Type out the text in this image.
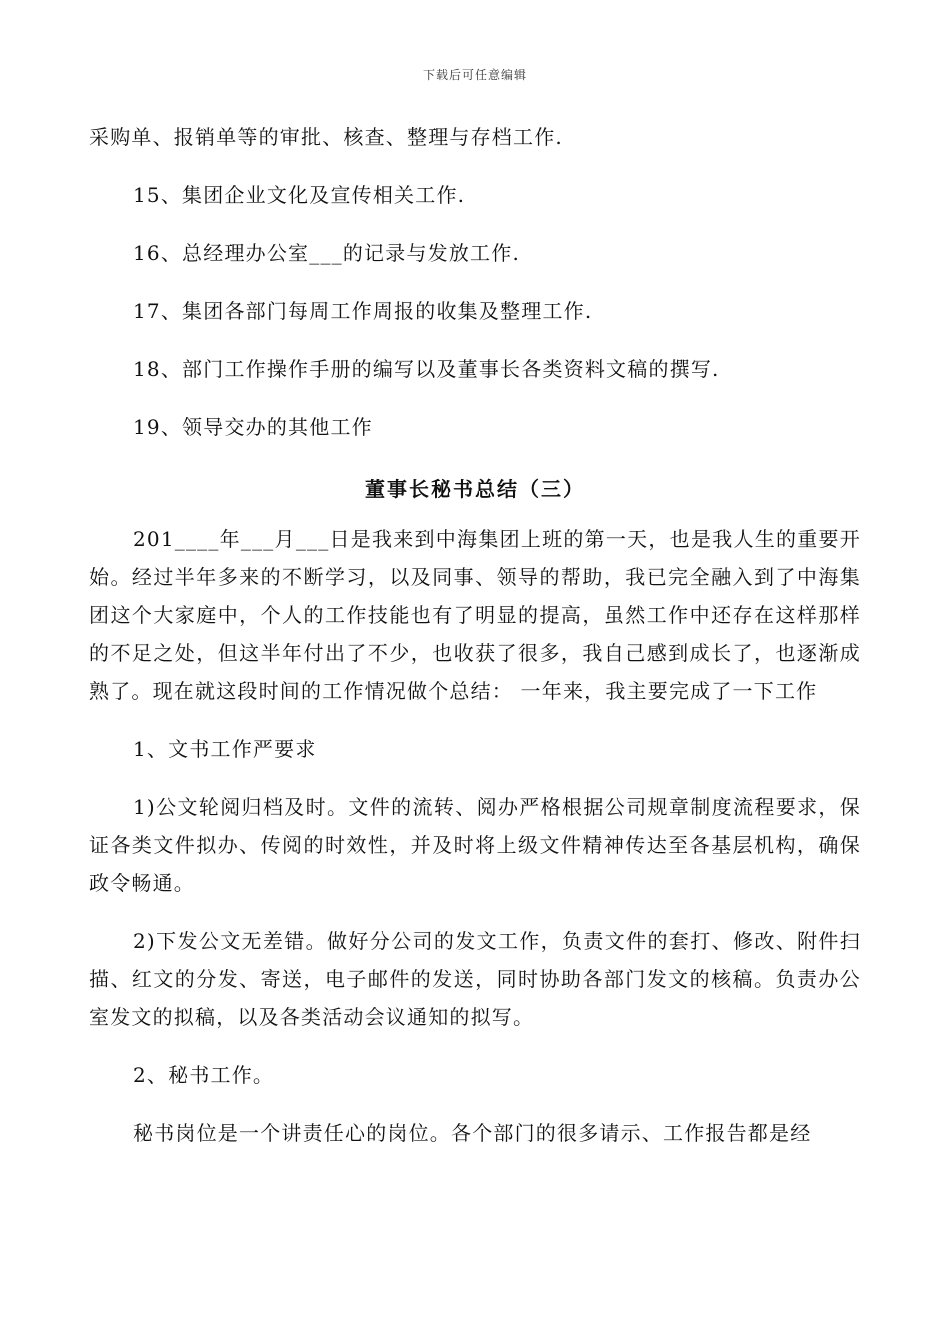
下载后可任意编辑

采购单、报销单等的审批、核查、整理与存档工作.

15、集团企业文化及宣传相关工作.

16、总经理办公室___的记录与发放工作.

17、集团各部门每周工作周报的收集及整理工作.

18、部门工作操作手册的编写以及董事长各类资料文稿的撰写.

19、领导交办的其他工作

董事长秘书总结（三）

201____年___月___日是我来到中海集团上班的第一天，也是我人生的重要开始。经过半年多来的不断学习，以及同事、领导的帮助，我已完全融入到了中海集团这个大家庭中，个人的工作技能也有了明显的提高，虽然工作中还存在这样那样的不足之处，但这半年付出了不少，也收获了很多，我自己感到成长了，也逐渐成熟了。现在就这段时间的工作情况做个总结： 一年来，我主要完成了一下工作

1、文书工作严要求

1)公文轮阅归档及时。文件的流转、阅办严格根据公司规章制度流程要求，保证各类文件拟办、传阅的时效性，并及时将上级文件精神传达至各基层机构，确保政令畅通。

2)下发公文无差错。做好分公司的发文工作，负责文件的套打、修改、附件扫描、红文的分发、寄送，电子邮件的发送，同时协助各部门发文的核稿。负责办公室发文的拟稿，以及各类活动会议通知的拟写。

2、秘书工作。

秘书岗位是一个讲责任心的岗位。各个部门的很多请示、工作报告都是经
